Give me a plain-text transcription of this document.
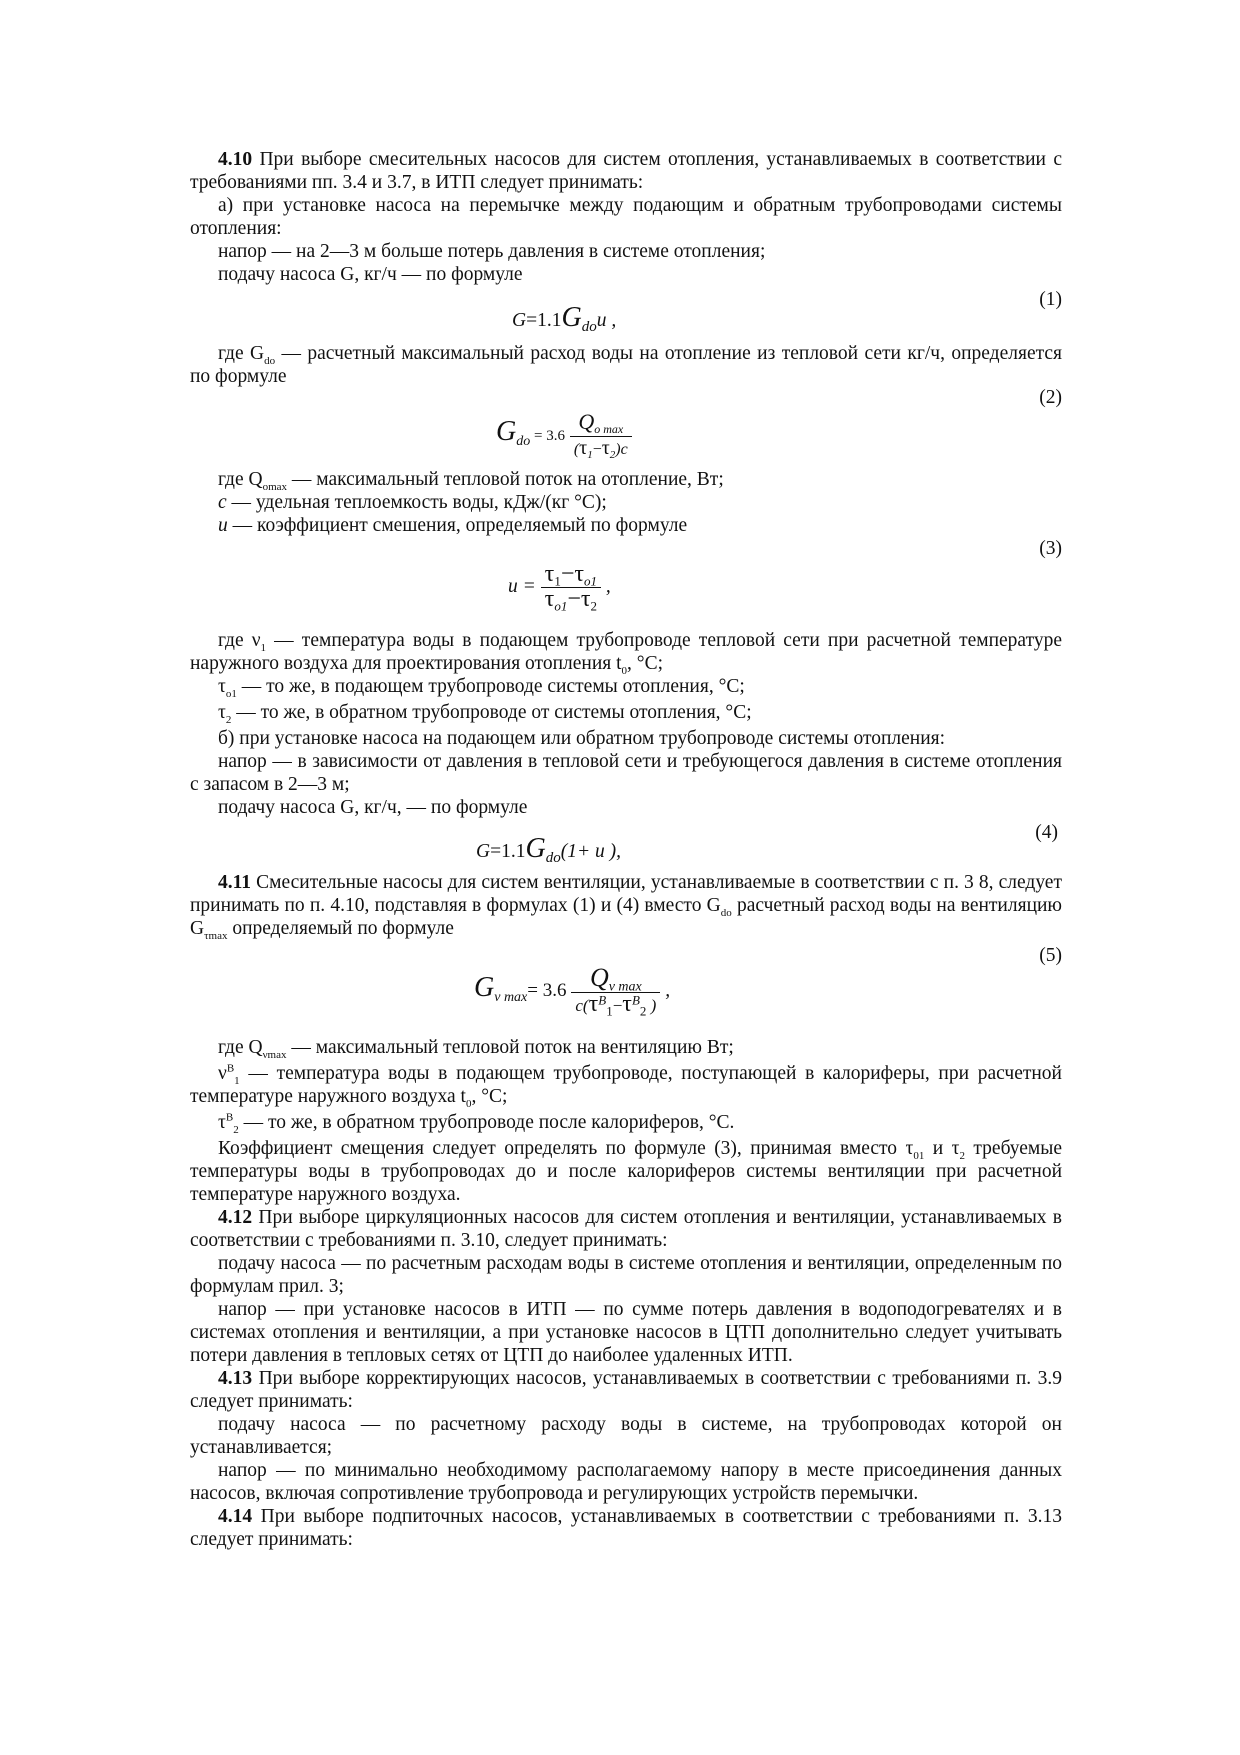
4.10 При выборе смесительных насосов для систем отопления, устанавливаемых в соответствии с требованиями пп. 3.4 и 3.7, в ИТП следует принимать:

а) при установке насоса на перемычке между подающим и обратным трубопроводами системы отопления:

напор — на 2—3 м больше потерь давления в системе отопления;

подачу насоса G, кг/ч — по формуле

(1)
$G=1.1G_{do}u$ ,

где $G_{do}$ — расчетный максимальный расход воды на отопление из тепловой сети кг/ч, определяется по формуле

(2)
$G_{do} = 3.6 \frac{Q_{o max}}{(\tau_1-\tau_2)c}$

где $Q_{omax}$ — максимальный тепловой поток на отопление, Вт;

c — удельная теплоемкость воды, кДж/(кг °С);

u — коэффициент смешения, определяемый по формуле

(3)
$u = \frac{\tau_1-\tau_{o1}}{\tau_{o1}-\tau_2}$ ,

где $\nu_1$ — температура воды в подающем трубопроводе тепловой сети при расчетной температуре наружного воздуха для проектирования отопления $t_0$, °С;

$\tau_{o1}$ — то же, в подающем трубопроводе системы отопления, °С;

$\tau_2$ — то же, в обратном трубопроводе от системы отопления, °С;

б) при установке насоса на подающем или обратном трубопроводе системы отопления:

напор — в зависимости от давления в тепловой сети и требующегося давления в системе отопления с запасом в 2—3 м;

подачу насоса G, кг/ч, — по формуле

(4)
$G=1.1G_{do}(1+ u$ ),

4.11 Смесительные насосы для систем вентиляции, устанавливаемые в соответствии с п. 3 8, следует принимать по п. 4.10, подставляя в формулах (1) и (4) вместо $G_{do}$ расчетный расход воды на вентиляцию $G_{\tau max}$ определяемый по формуле

(5)
$G_{\nu max}= 3.6 \frac{Q_{\nu max}}{c(\tau^B_1-\tau^B_2 )}$ ,

где $Q_{\nu max}$ — максимальный тепловой поток на вентиляцию Вт;

$\nu^В_1$ — температура воды в подающем трубопроводе, поступающей в калориферы, при расчетной температуре наружного воздуха $t_0$, °С;

$\tau^В_2$ — то же, в обратном трубопроводе после калориферов, °С.

Коэффициент смещения следует определять по формуле (3), принимая вместо $\tau_{01}$ и $\tau_2$ требуемые температуры воды в трубопроводах до и после калориферов системы вентиляции при расчетной температуре наружного воздуха.

4.12 При выборе циркуляционных насосов для систем отопления и вентиляции, устанавливаемых в соответствии с требованиями п. 3.10, следует принимать:

подачу насоса — по расчетным расходам воды в системе отопления и вентиляции, определенным по формулам прил. 3;

напор — при установке насосов в ИТП — по сумме потерь давления в водоподогревателях и в системах отопления и вентиляции, а при установке насосов в ЦТП дополнительно следует учитывать потери давления в тепловых сетях от ЦТП до наиболее удаленных ИТП.

4.13 При выборе корректирующих насосов, устанавливаемых в соответствии с требованиями п. 3.9 следует принимать:

подачу насоса — по расчетному расходу воды в системе, на трубопроводах которой он устанавливается;

напор — по минимально необходимому располагаемому напору в месте присоединения данных насосов, включая сопротивление трубопровода и регулирующих устройств перемычки.

4.14 При выборе подпиточных насосов, устанавливаемых в соответствии с требованиями п. 3.13 следует принимать:
